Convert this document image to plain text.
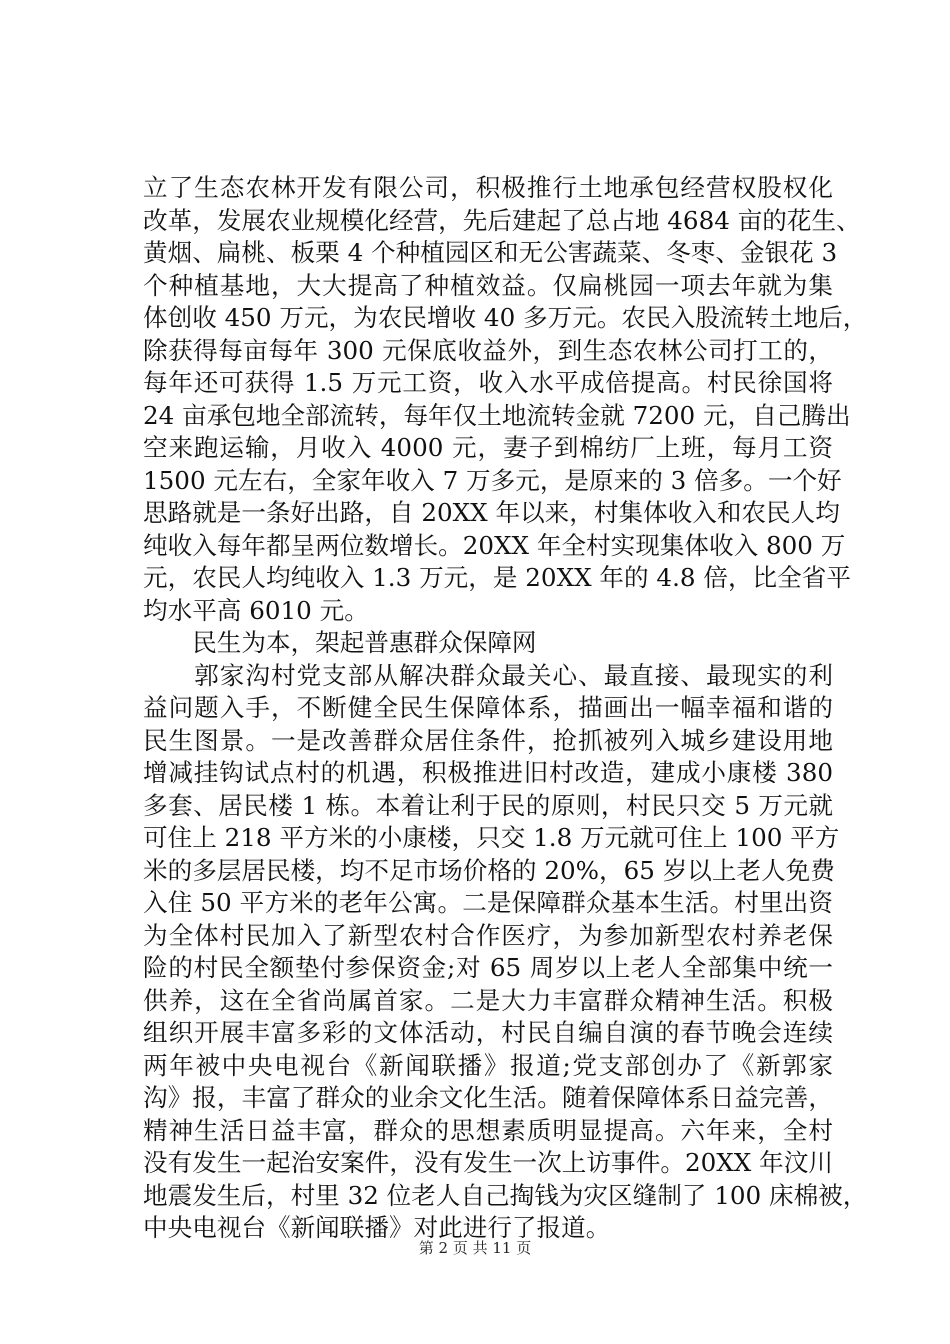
立了生态农林开发有限公司，积极推行土地承包经营权股权化
改革，发展农业规模化经营，先后建起了总占地 4684 亩的花生、
黄烟、扁桃、板栗 4 个种植园区和无公害蔬菜、冬枣、金银花 3
个种植基地，大大提高了种植效益。仅扁桃园一项去年就为集
体创收 450 万元，为农民增收 40 多万元。农民入股流转土地后，
除获得每亩每年 300 元保底收益外，到生态农林公司打工的，
每年还可获得 1.5 万元工资，收入水平成倍提高。村民徐国将
24 亩承包地全部流转，每年仅土地流转金就 7200 元，自己腾出
空来跑运输，月收入 4000 元，妻子到棉纺厂上班，每月工资
1500 元左右，全家年收入 7 万多元，是原来的 3 倍多。一个好
思路就是一条好出路，自 20XX 年以来，村集体收入和农民人均
纯收入每年都呈两位数增长。20XX 年全村实现集体收入 800 万
元，农民人均纯收入 1.3 万元，是 20XX 年的 4.8 倍，比全省平
均水平高 6010 元。
　　民生为本，架起普惠群众保障网
　　郭家沟村党支部从解决群众最关心、最直接、最现实的利
益问题入手，不断健全民生保障体系，描画出一幅幸福和谐的
民生图景。一是改善群众居住条件，抢抓被列入城乡建设用地
增减挂钩试点村的机遇，积极推进旧村改造，建成小康楼 380
多套、居民楼 1 栋。本着让利于民的原则，村民只交 5 万元就
可住上 218 平方米的小康楼，只交 1.8 万元就可住上 100 平方
米的多层居民楼，均不足市场价格的 20%，65 岁以上老人免费
入住 50 平方米的老年公寓。二是保障群众基本生活。村里出资
为全体村民加入了新型农村合作医疗，为参加新型农村养老保
险的村民全额垫付参保资金;对 65 周岁以上老人全部集中统一
供养，这在全省尚属首家。二是大力丰富群众精神生活。积极
组织开展丰富多彩的文体活动，村民自编自演的春节晚会连续
两年被中央电视台《新闻联播》报道;党支部创办了《新郭家
沟》报，丰富了群众的业余文化生活。随着保障体系日益完善，
精神生活日益丰富，群众的思想素质明显提高。六年来，全村
没有发生一起治安案件，没有发生一次上访事件。20XX 年汶川
地震发生后，村里 32 位老人自己掏钱为灾区缝制了 100 床棉被，
中央电视台《新闻联播》对此进行了报道。
第 2 页 共 11 页
